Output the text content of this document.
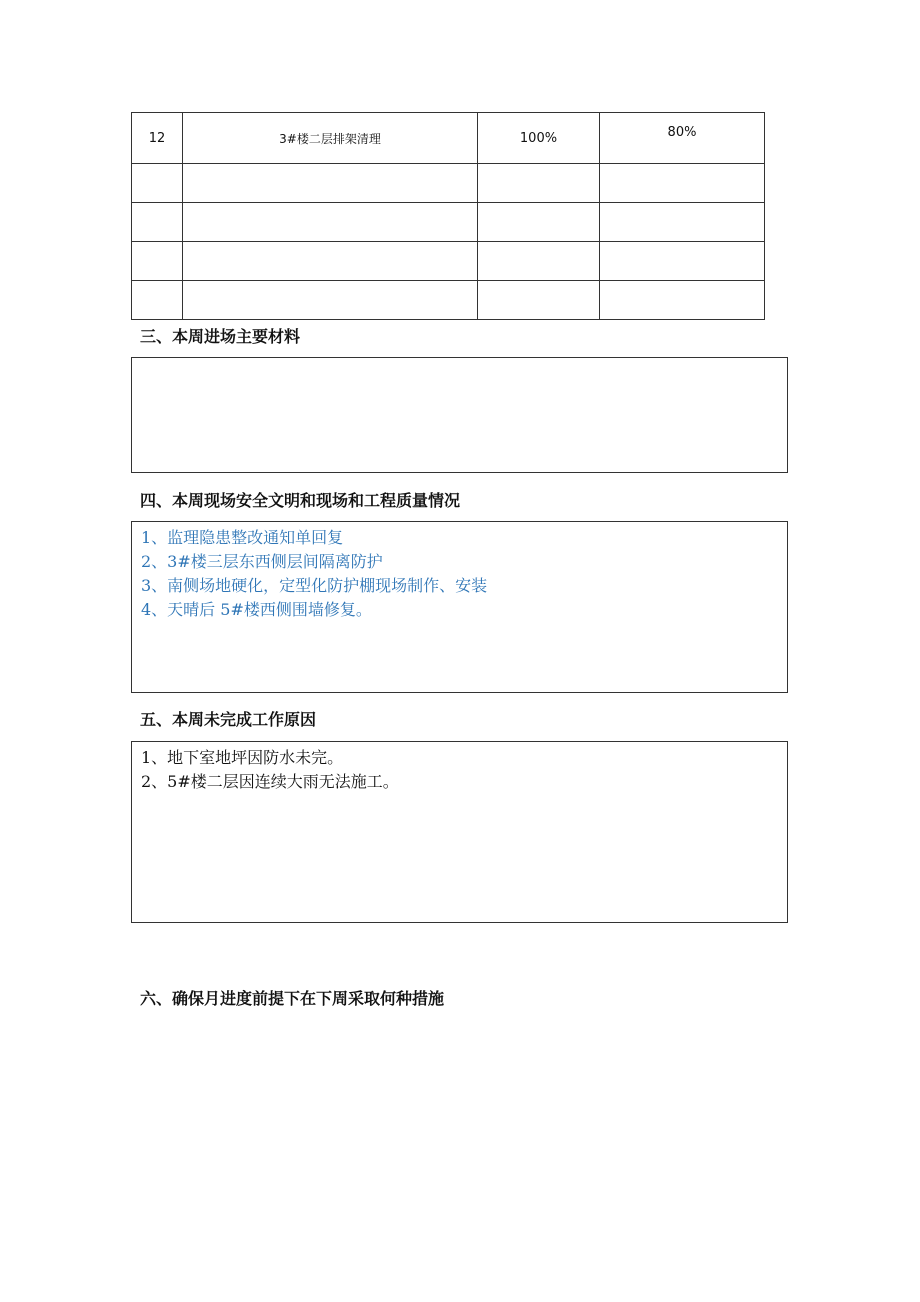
12	3#楼二层排架清理	100%	80%

三、本周进场主要材料
四、本周现场安全文明和现场和工程质量情况
1、监理隐患整改通知单回复
2、3#楼三层东西侧层间隔离防护
3、南侧场地硬化，定型化防护棚现场制作、安装
4、天晴后 5#楼西侧围墙修复。
五、本周未完成工作原因
1、地下室地坪因防水未完。
2、5#楼二层因连续大雨无法施工。
六、确保月进度前提下在下周采取何种措施
